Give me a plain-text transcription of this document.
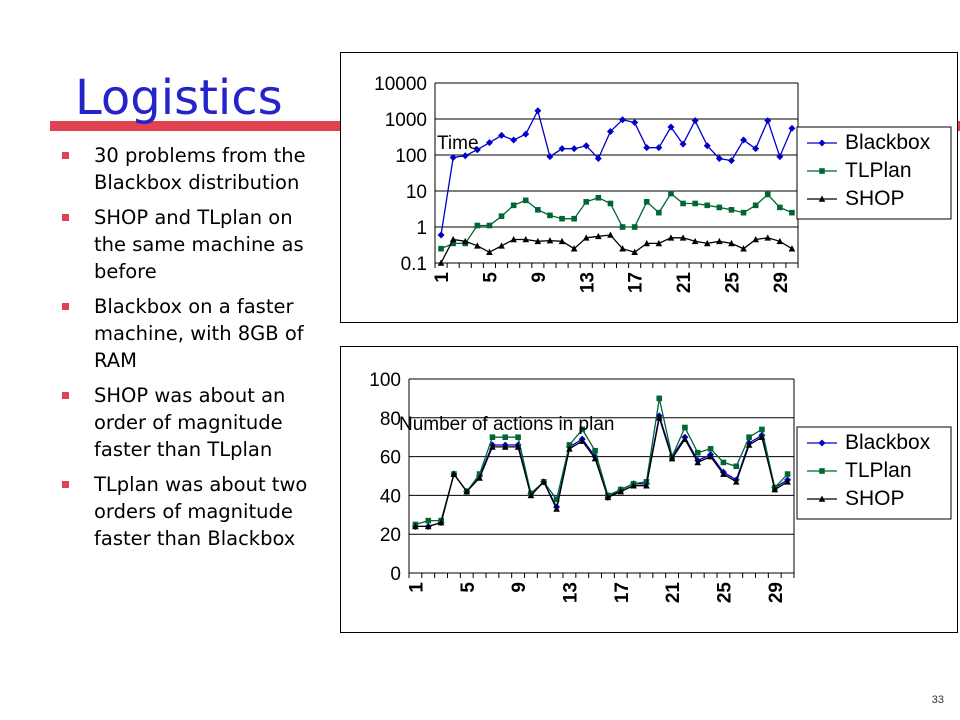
Logistics
30 problems from the Blackbox distribution
SHOP and TLplan on the same machine as before
Blackbox on a faster machine, with 8GB of RAM
SHOP was about an order of magnitude faster than TLplan
TLplan was about two orders of magnitude faster than Blackbox
10000
1000
100
10
1
0.1
1 5 9 13 17 21 25 29
Time	Blackbox
TLPlan
SHOP
100
80
60
40
20
0
1 5 9 13 17 21 25 29
Number of actions in plan
Blackbox
TLPlan
SHOP
33
